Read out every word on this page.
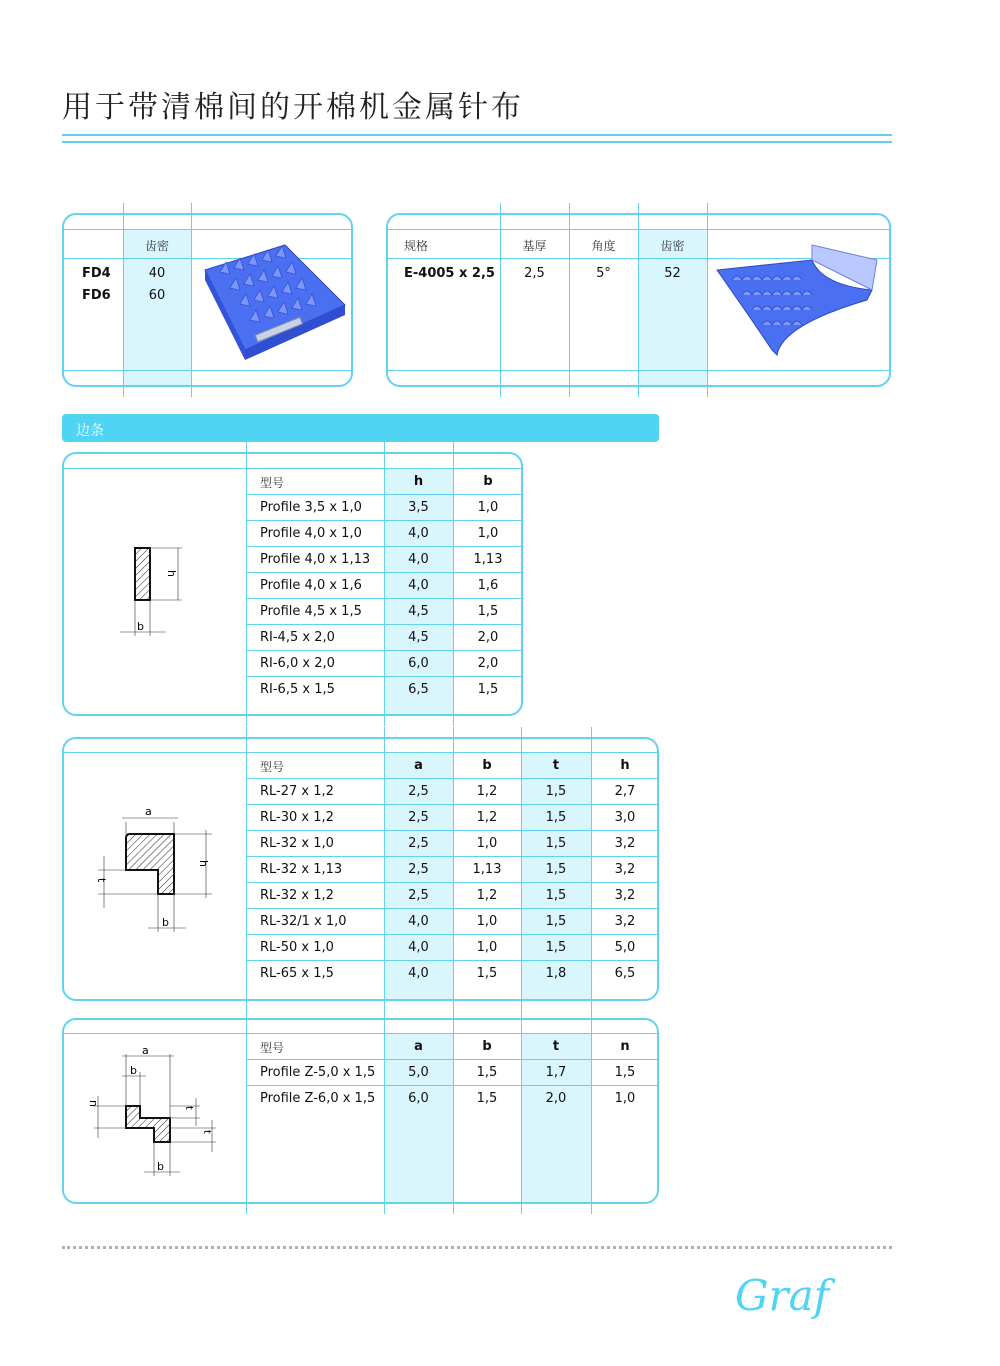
用于带清棉间的开棉机金属针布
齿密
FD4	40
FD6	60
规格	基厚	角度	齿密
E-4005 x 2,5	2,5	5°	52
边条
h
b
型号	h	b
Profile 3,5 x 1,0	3,5	1,0
Profile 4,0 x 1,0	4,0	1,0
Profile 4,0 x 1,13	4,0	1,13
Profile 4,0 x 1,6	4,0	1,6
Profile 4,5 x 1,5	4,5	1,5
RI-4,5 x 2,0	4,5	2,0
RI-6,0 x 2,0	6,0	2,0
RI-6,5 x 1,5	6,5	1,5
a
h
t
b
型号	a	b	t	h
RL-27 x 1,2	2,5	1,2	1,5	2,7
RL-30 x 1,2	2,5	1,2	1,5	3,0
RL-32 x 1,0	2,5	1,0	1,5	3,2
RL-32 x 1,13	2,5	1,13	1,5	3,2
RL-32 x 1,2	2,5	1,2	1,5	3,2
RL-32/1 x 1,0	4,0	1,0	1,5	3,2
RL-50 x 1,0	4,0	1,0	1,5	5,0
RL-65 x 1,5	4,0	1,5	1,8	6,5
a
b
n
t
t
b
型号	a	b	t	n
Profile Z-5,0 x 1,5	5,0	1,5	1,7	1,5
Profile Z-6,0 x 1,5	6,0	1,5	2,0	1,0
Graf
